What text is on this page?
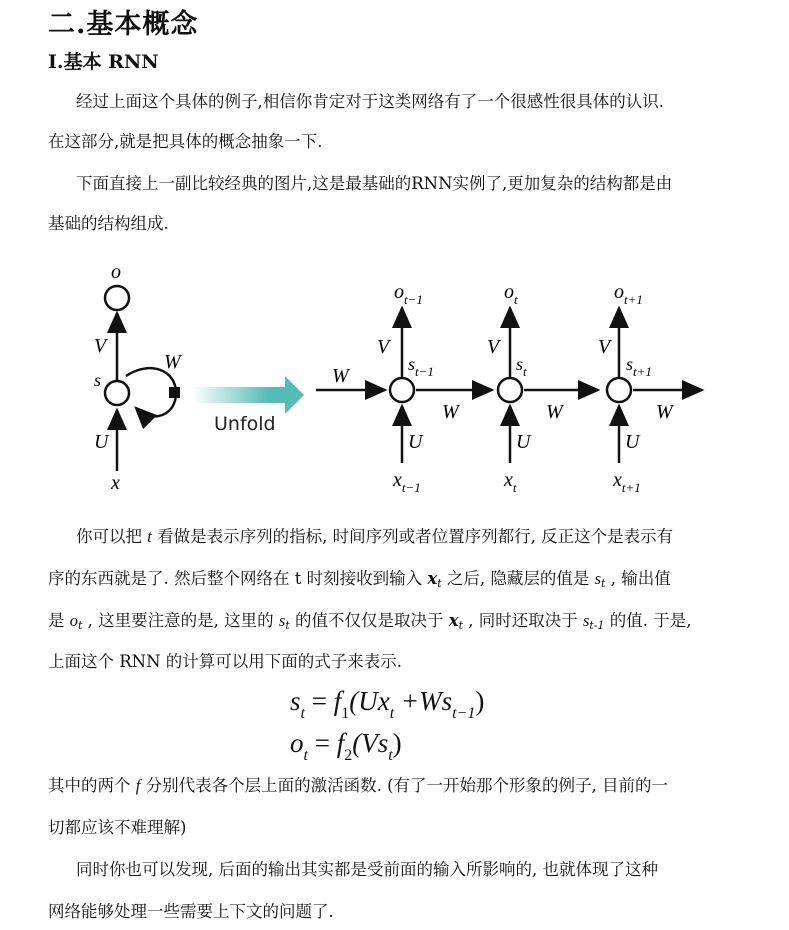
二.基本概念
Ⅰ.基本 RNN
经过上面这个具体的例子,相信你肯定对于这类网络有了一个很感性很具体的认识.
在这部分,就是把具体的概念抽象一下.
下面直接上一副比较经典的图片,这是最基础的RNN实例了,更加复杂的结构都是由
基础的结构组成.
o
V
s
W
U
x
Unfold
W
$o_{t-1}$
V
$s_{t-1}$
U
$x_{t-1}$
W
$o_t$
V
$s_t$
U
$x_t$
W
$o_{t+1}$
V
$s_{t+1}$
U
$x_{t+1}$
W
你可以把 t 看做是表示序列的指标, 时间序列或者位置序列都行, 反正这个是表示有
序的东西就是了. 然后整个网络在 t 时刻接收到输入 $x_t$ 之后, 隐藏层的值是 $s_t$ , 输出值
是 $o_t$ , 这里要注意的是, 这里的 $s_t$ 的值不仅仅是取决于 $x_t$ , 同时还取决于 $s_{t-1}$ 的值. 于是,
上面这个 RNN 的计算可以用下面的式子来表示.
$s_t = f_1(Ux_t +Ws_{t-1})$
$o_t = f_2(Vs_t)$
其中的两个 f 分别代表各个层上面的激活函数. (有了一开始那个形象的例子, 目前的一
切都应该不难理解)
同时你也可以发现, 后面的输出其实都是受前面的输入所影响的, 也就体现了这种
网络能够处理一些需要上下文的问题了.
